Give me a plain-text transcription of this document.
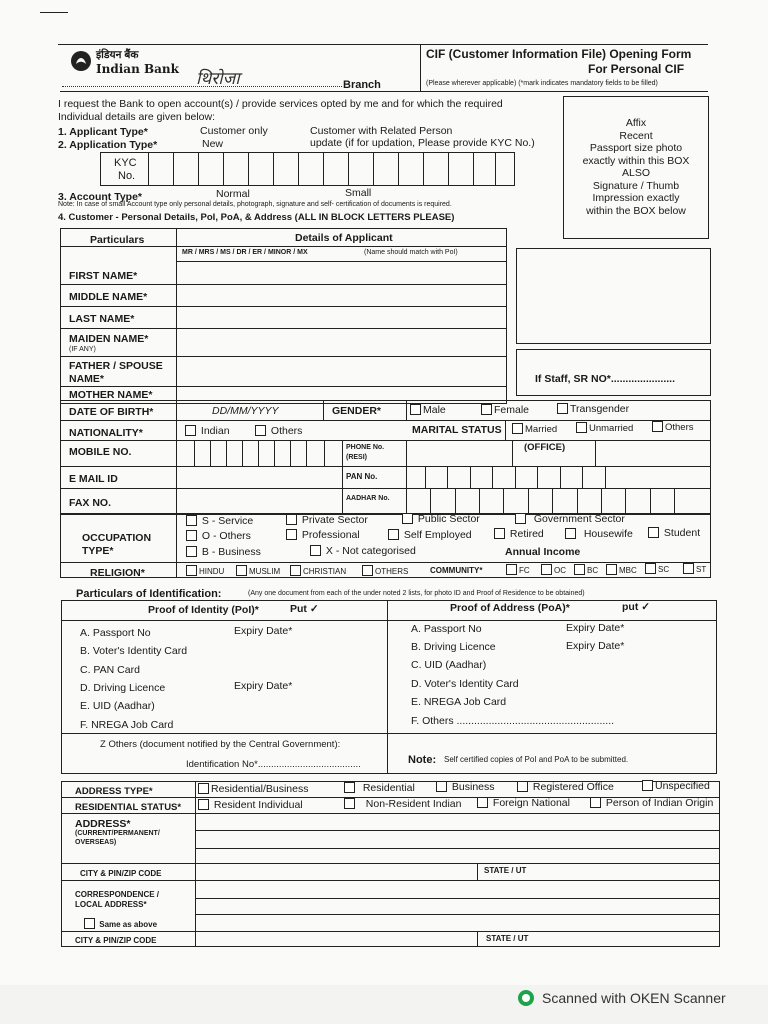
इंडियन बैंक
Indian Bank थिरोजा	Branch
CIF (Customer Information File) Opening Form
For Personal CIF
(Please wherever applicable) (*mark indicates mandatory fields to be filled)
I request the Bank to open account(s) / provide services opted by me and for which the required
Individual details are given below:
1. Applicant Type*	Customer only	Customer with Related Person
2. Application Type*	New	update (if for updation, Please provide KYC No.)
KYC
No.
3. Account Type*	Normal	Small
Note: In case of small Account type only personal details, photograph, signature and self- certification of documents is required.
4. Customer - Personal Details, PoI, PoA, & Address (ALL IN BLOCK LETTERS PLEASE)
Affix
Recent
Passport size photo
exactly within this BOX
ALSO
Signature / Thumb
Impression exactly
within the BOX below
Particulars	Details of Applicant
MR / MRS / MS / DR / ER / MINOR / MX	(Name should match with PoI)
FIRST NAME*
MIDDLE NAME*
LAST NAME*
MAIDEN NAME*
(IF ANY)
FATHER / SPOUSE
NAME*
MOTHER NAME*
If Staff, SR NO*......................
DATE OF BIRTH*	DD/MM/YYYY	GENDER*	Male	Female	Transgender
NATIONALITY*	Indian	Others	MARITAL STATUS	Married	Unmarried	Others
MOBILE NO.	PHONE No.
(RESI)
(OFFICE)
E MAIL ID	PAN No.
FAX NO.	AADHAR No.
OCCUPATION
TYPE*
S - Service	Private Sector	Public Sector	Government Sector
O - Others	Professional	Self Employed	Retired	Housewife	Student
B - Business	X - Not categorised	Annual Income
RELIGION*	HINDU	MUSLIM	CHRISTIAN	OTHERS	COMMUNITY*	FC	OC	BC	MBC	SC	ST
Particulars of Identification:	(Any one document from each of the under noted 2 lists, for photo ID and Proof of Residence to be obtained)
Proof of Identity (PoI)*	Put ✓	Proof of Address (PoA)*	put ✓
A. Passport No	Expiry Date*
B. Voter's Identity Card
C. PAN Card
D. Driving Licence	Expiry Date*
E. UID (Aadhar)
F. NREGA Job Card
Z Others (document notified by the Central Government):
Identification No*.......................................
A. Passport No	Expiry Date*
B. Driving Licence	Expiry Date*
C. UID (Aadhar)
D. Voter's Identity Card
E. NREGA Job Card
F. Others ......................................................
Note: Self certified copies of PoI and PoA to be submitted.
ADDRESS TYPE*	Residential/Business	Residential	Business	Registered Office	Unspecified
RESIDENTIAL STATUS*	Resident Individual	Non-Resident Indian	Foreign National	Person of Indian Origin
ADDRESS*
(CURRENT/PERMANENT/
OVERSEAS)
CITY & PIN/ZIP CODE	STATE / UT
CORRESPONDENCE /
LOCAL ADDRESS*
Same as above
CITY & PIN/ZIP CODE	STATE / UT
Scanned with OKEN Scanner
